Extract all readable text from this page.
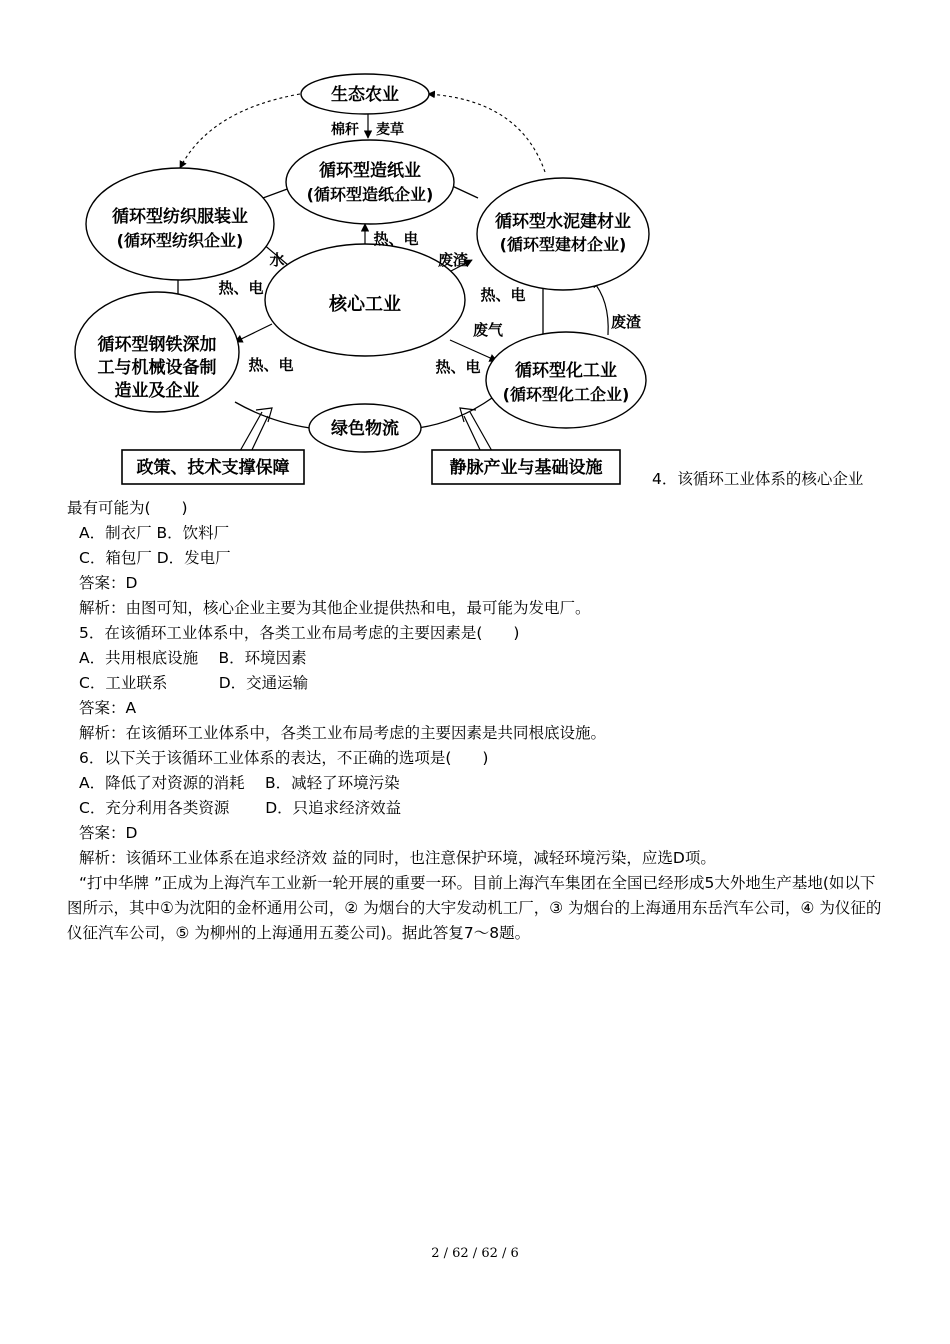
生态农业
循环型造纸业
(循环型造纸企业)
循环型纺织服装业
(循环型纺织企业)
循环型水泥建材业
(循环型建材企业)
核心工业
循环型钢铁深加
工与机械设备制
造业及企业
循环型化工业
(循环型化工企业)
绿色物流
政策、技术支撑保障	静脉产业与基础设施
棉秆 麦草
热、电
水
热、电
废渣
热、电
废气	废渣
热、电	热、电
4．该循环工业体系的核心企业
最有可能为(　　)
A．制衣厂 B．饮料厂
C．箱包厂 D．发电厂
答案：D
解析：由图可知，核心企业主要为其他企业提供热和电，最可能为发电厂。
5．在该循环工业体系中，各类工业布局考虑的主要因素是(　　)
A．共用根底设施　 B．环境因素
C．工业联系　　　 D．交通运输
答案：A
解析：在该循环工业体系中，各类工业布局考虑的主要因素是共同根底设施。
6．以下关于该循环工业体系的表达，不正确的选项是(　　)
A．降低了对资源的消耗　 B．减轻了环境污染
C．充分利用各类资源　　 D．只追求经济效益
答案：D
解析：该循环工业体系在追求经济效 益的同时，也注意保护环境，减轻环境污染，应选D项。
“打中华牌 ”正成为上海汽车工业新一轮开展的重要一环。目前上海汽车集团在全国已经形成5大外地生产基地(如以下图所示，其中①为沈阳的金杯通用公司，② 为烟台的大宇发动机工厂，③ 为烟台的上海通用东岳汽车公司，④ 为仪征的仪征汽车公司，⑤ 为柳州的上海通用五菱公司)。据此答复7～8题。
2 / 62 / 62 / 6
